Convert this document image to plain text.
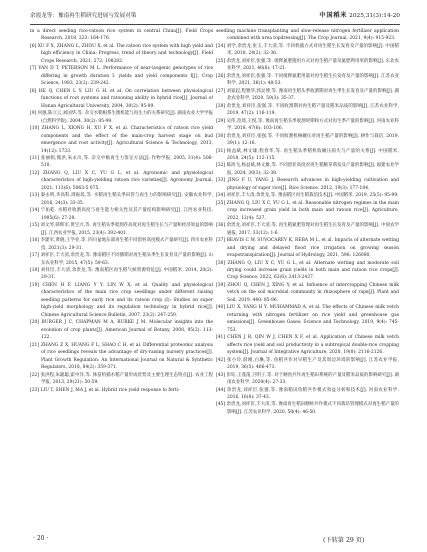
余霞龙等：豫南再生稻研究进展与发展对策	中国稻米 2025,31(3):14-20

in a direct seeding rice-ratoon rice system in central China[J]. Field Crops Research, 2018, 223: 164-170.

[6] XU F X, ZHANG L, ZHOU X, et al. The ratoon rice system with high yield and high efficiency in China: Progress, trend of theory and technology[J]. Field Crops Research, 2021, 272: 108282.

[7] YAN D T, PETERSON M L. Performance of near-isogenic genotypes of rice differing in growth duration I. yields and yield components I[J]. Crop Science, 1983, 23(2): 239-242.

[8] HE Q, CHEN L Y, LIU G H, et al. On correlation between physiological functions of root systems and ratooning ability in hybrid rice[J]. Journal of Hunan Agricultural University, 2004, 30(2): 95-99.

[9] 何强,陈立云,刘国华,等. 杂交水稻根系生理机能与再生力的关系研究[J]. 湖南农业大学学报(自然科学版), 2004, 30(2): 95-99.

[10] ZHANG L, XIONG H, XU F X, et al. Characteristics of ratoon rice yield components and the effect of the main-crop harvest stage on bud emergence and root activity[J]. Agricultural Science & Technology, 2013, 14(12): 1733.

[11] 张丽娟,熊洪,朱永川,等. 杂交中籼再生力鉴定方法[J]. 作物学报, 2005, 31(4): 506-510.

[12] ZHANG Q, LIU X C, YU G L, et al. Agronomic and physiological characteristics of high-yielding ratoon rice varieties[J]. Agronomy Journal, 2021, 113(6): 5063-5 075.

[13] 秦永明,李高科,周振琰,等. 水稻再生稻头季田管与再生力的影响研究[J]. 安徽农业科学, 2016, 24(3): 33-35.

[14] 宁佑乾. 水稻对收割高度与再生能力相关性及其产量结构影响研究[J]. 江西农业科技, 1995(6): 27-28.

[15] 刘文琴,韩辉军,黄宝兴,等. 再生稻头季收割茬高度对再生稻生长与产量和经济效益的影响[J]. 江西农业学报, 2015, 23(4): 392-401.

[16] 李建军,黄晓,王学业,等. 四川盆地东部再生稻不同留桩高度模式产量研究[J]. 四川农业科技, 2021(3): 29-31.

[17] 刘祥臣,丰大清,余贵龙,等. 豫南稻区不同播期对再生稻头季生长发育及产量的影响[J]. 山东农业科学, 2015, 47(5): 59-63.

[18] 刘祥臣,丰大清,余贵龙,等. 豫南稻区再生稻气候资源特征[J]. 中国稻米, 2014, 20(2): 29-31.

[19] CHEN H F, LIANG Y Y, LIN W X, et al. Quality and physiological characteristics of the main rice crop seedlings under different raising seedling patterns for early rice and its ratoon crop (I): Studies on super high-yield morphology and its regulation technology in hybrid rice[J]. Chinese Agricultural Science Bulletin, 2007, 23(2): 247-259.

[20] BURGER J C, CHAPMAN M A, BURKE J M. Molecular insights into the evolution of crop plants[J]. American Journal of Botany, 2008, 95(2): 113-122.

[21] ZHANG Z X, HUANG F L, SHAO C H, et al. Differential proteomic analysis of rice seedlings reveals the advantage of dry-raising nursery practices[J]. Plant Growth Regulation: An International Journal on Natural & Synthetic Regulators, 2018, 84(2): 359-371.

[22] 张洪程,朱聪聪,霍中洋,等. 钵苗机插水稻产量形成优势及主要生理生态特点[J]. 农业工程学报, 2013, 29(21): 50-59.

[23] LIU T, SHEN J, MA J, et al. Hybrid rice yield response to ferti-

seedling machine transplanting and slow-release nitrogen fertilizer application combined with urea topdressing[J]. The Crop Journal, 2021, 9(4): 915-923.

[24] 刘学,余贵龙,张玉,丰大清,等. 不同机插方式对再生稻生长发育及产量的影响[J]. 中国稻米, 2018, 24(2): 32-36.

[25] 余贵龙,刘祥臣,张强,等. 缓释氮肥施用方式对再生稻产量及氮肥利用率的影响[J]. 东北农业科学, 2021, 46(6): 17-21.

[26] 余贵龙,刘祥臣,张强,等. 不同缓释氮肥用量对再生稻生长发育及产量的影响[J]. 江苏农业科学, 2021, 36(1): 48-53.

[27] 刘家起,程雅华,郭灵博,等. 豫南再生稻头季收割期对再生季生长发育及产量的影响[J]. 湖北农业科学, 2020, 59(3): 35-37.

[28] 余贵龙,刘祥臣,张强,等. 不同收割期对再生稻产量及稻米品质的影响[J]. 江苏农业科学, 2019, 47(2): 116-119.

[29] 吴伟,范琦,王悦,等. 豫南再生稻头季收割时期和方式对再生季产量的影响[J]. 河南农业科学, 2018, 47(6): 103-106.

[30] 余贵龙,刘祥臣,张强,等. 不同收割机械碾压对再生稻产量的影响[J]. 耕作与栽培, 2019, 39(1): 12-16.

[31] 杨益斌,林文雄,程春华,等. 再生稻头季稻机收碾压损失与产量的关系[J]. 中国稻米, 2018, 24(5): 112-115.

[32] 陈鸿飞,杨益斌,林文雄,等. 不同留茬高度对再生稻腋芽萌发及产量的影响[J]. 福建农业学报, 2024, 30(3): 32-38.

[33] JING F U, YANG J. Research advances in high-yielding cultivation and physiology of super rice[J]. Rice Science, 2012, 19(3): 177-184.

[34] 刘祥臣,丰大清,余贵龙,等. 豫南稻区再生稻栽培技术[J]. 中国稻米, 2019, 25(5): 95-99.

[35] ZHANG Q, LIU X C, YU G L, et al. Reasonable nitrogen regimes in the main crop increased grain yield in both main and ratoon rice[J]. Agriculture, 2022, 12(4): 527.

[36] 余贵龙,刘祥臣,丰大清,等. 再生稻氮肥管理对再生稻生长发育及产量的影响[J]. 中国农学通报, 2017, 33(12): 1-6.

[37] BEAVIS C W, SUVOCAREV K, REBA M L, et al. Impacts of alternate wetting and drying and delayed flood rice irrigation on growing season evapotranspiration[J]. Journal of Hydrology, 2021, 596: 126080.

[38] ZHANG Q, LIU X C, YU G L, et al. Alternate wetting and moderate soil drying could increase grain yields in both main and ratoon rice crops[J]. Crop Science, 2022, 62(6): 2413-2427.

[39] ZHOU Q, CHEN J, XING Y, et al. Influence of intercropping Chinese milk vetch on the soil microbial community in rhizosphere of rape[J]. Plant and Soil, 2019, 440: 85-96.

[40] LIU X, YANG H Y, MUHAMMAD A, et al. The effects of Chinese milk vetch returning with nitrogen fertilizer on rice yield and greenhouse gas emissions[J]. Greenhouse Gases: Science and Technology, 2019, 9(4): 745-753.

[41] CHEN J R, QIN W J, CHEN X F, et al. Application of Chinese milk vetch affects rice yield and soil productivity in a subtropical double-rice cropping system[J]. Journal of Integrative Agriculture, 2020, 19(8): 2116-2126.

[42] 张小玲,薛刚,白琳,等. 鱼稻共作对早稻生产及其周边环境的影响[J]. 江苏农业学报, 2019, 36(5): 466-473.

[43] 彭钰,王蓬蓬,卫明子,等. 对于鳝鱼共作再生稻田系统的产量及稻米品质的影响研究[J]. 湖南农业科学, 2020(4): 27-33.

[44] 余贵龙,刘祥臣,张强,等. 豫南稻田鱼稻共作模式效益分析和技术[J]. 河南农业科学, 2016, 16(8): 37-43.

[45] 余贵龙,刘祥臣,丰大清,等. 豫南再生稻田鳝虾共作模式不同栽培管理模式对再生稻产量的影响[J]. 江苏农业科学, 2020, 50(4): 46-50.

· 20 ·	(下转第 29 页)
